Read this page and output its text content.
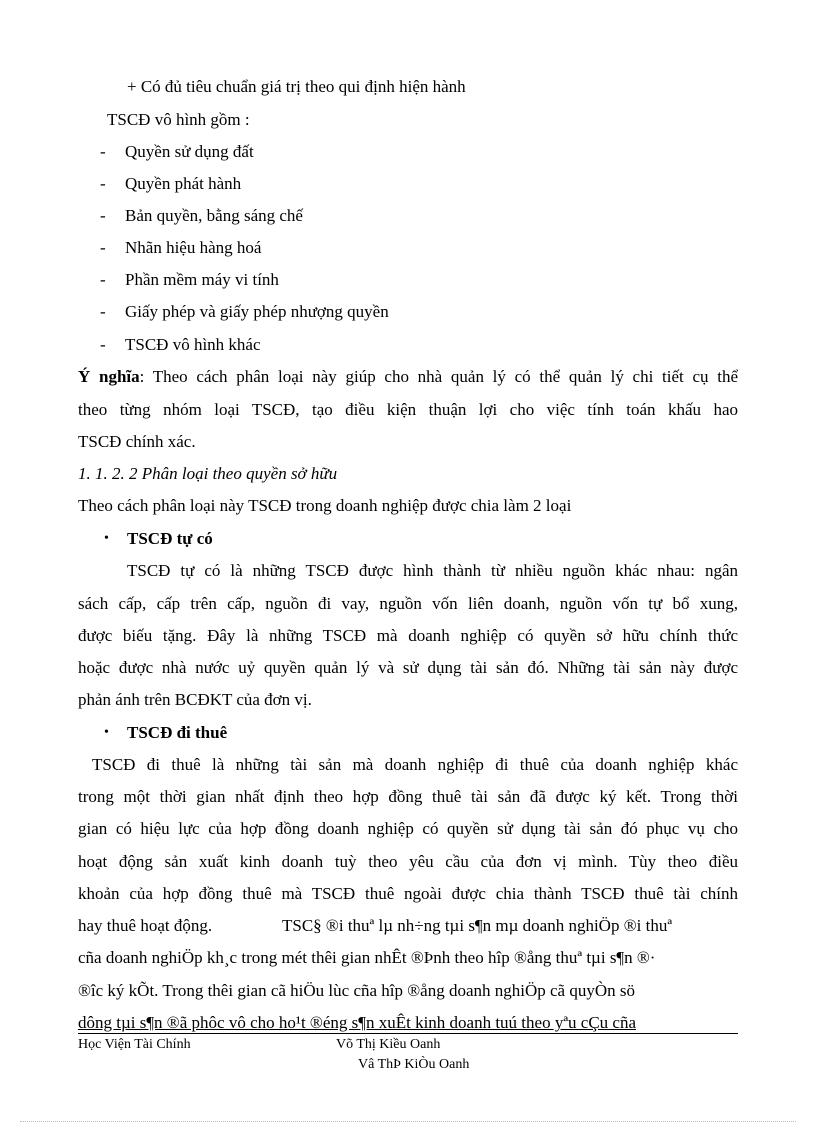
+ Có đủ tiêu chuẩn giá trị theo qui định hiện hành
TSCĐ vô hình gồm :
- Quyền sử dụng đất
- Quyền phát hành
- Bản quyền, bằng sáng chế
- Nhãn hiệu hàng hoá
- Phần mềm máy vi tính
- Giấy phép và giấy phép nhượng quyền
- TSCĐ vô hình khác
Ý nghĩa: Theo cách phân loại này giúp cho nhà quản lý có thể quản lý chi tiết cụ thể
theo từng nhóm loại TSCĐ, tạo điều kiện thuận lợi cho việc tính toán khấu hao
TSCĐ chính xác.
1. 1. 2. 2 Phân loại theo quyền sở hữu
Theo cách phân loại này TSCĐ trong doanh nghiệp được chia làm 2 loại
• TSCĐ tự có
TSCĐ tự có là những TSCĐ được hình thành từ nhiều nguồn khác nhau: ngân
sách cấp, cấp trên cấp, nguồn đi vay, nguồn vốn liên doanh, nguồn vốn tự bổ xung,
được biếu tặng. Đây là những TSCĐ mà doanh nghiệp có quyền sở hữu chính thức
hoặc được nhà nước uỷ quyền quản lý và sử dụng tài sản đó. Những tài sản này được
phản ánh trên BCĐKT của đơn vị.
• TSCĐ đi thuê
TSCĐ đi thuê là những tài sản mà doanh nghiệp đi thuê của doanh nghiệp khác
trong một thời gian nhất định theo hợp đồng thuê tài sản đã được ký kết. Trong thời
gian có hiệu lực của hợp đồng doanh nghiệp có quyền sử dụng tài sản đó phục vụ cho
hoạt động sản xuất kinh doanh tuỳ theo yêu cầu của đơn vị mình. Tùy theo điều
khoản của hợp đồng thuê mà TSCĐ thuê ngoài được chia thành TSCĐ thuê tài chính
hay thuê hoạt động.	TSC§ ®i thuª lµ nh÷ng tµi s¶n mµ doanh nghiÖp ®i thuª
cña doanh nghiÖp kh¸c trong mét thêi gian nhÊt ®Þnh theo hîp ®ång thuª tµi s¶n ®·
®îc ký kÕt. Trong thêi gian cã hiÖu lùc cña hîp ®ång doanh nghiÖp cã quyÒn sö
dông tµi s¶n ®ã phôc vô cho ho¹t ®éng s¶n xuÊt kinh doanh tuú theo yªu cÇu cña
Học Viện Tài Chính	Võ Thị Kiều Oanh
Vâ ThÞ KiÒu Oanh
